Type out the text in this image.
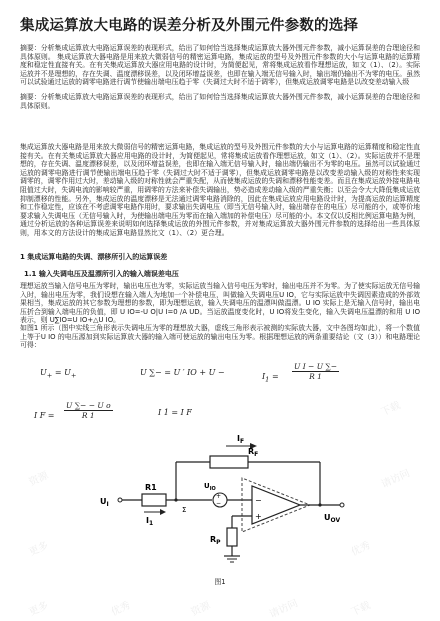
集成运算放大电路的误差分析及外围元件参数的选择
摘要：分析集成运算放大电路运算误差的表现形式，给出了如何恰当选择集成运算放大器外围元件参数，减小运算误差的合理途径和具体原则。 集成运算放大器电路是用来放大微弱信号的精密运算电路，集成运放的型号及外围元件参数的大小与运算电路的运算精度和稳定性直接有关。在有关集成运算放大器应用电路的设计时，为简便起见，常将集成运放看作理想运放，如文（1）、（2）。实际运放并不是理想的，存在失调、温度漂移误差，以及闭环增益误差，也即在输入端无信号输入时，输出端仍输出不为零的电压。虽然可以试验通过运放的调零电路进行调节使输出端电压趋于零（失调过大时不适于调零），但集成运放调零电路是以改变差动输入级
摘要：分析集成运算放大电路运算误差的表现形式，给出了如何恰当选择集成运算放大器外围元件参数，减小运算误差的合理途径和具体原则。
集成运算放大器电路是用来放大微弱信号的精密运算电路，集成运放的型号及外围元件参数的大小与运算电路的运算精度和稳定性直接有关。在有关集成运算放大器应用电路的设计时，为简便起见，常将集成运放看作理想运放，如文（1）、（2）。实际运放并不是理想的，存在失调、温度漂移误差，以及闭环增益误差，也即在输入端无信号输入时，输出端仍输出不为零的电压。虽然可以试验通过运放的调零电路进行调节使输出端电压趋于零（失调过大时不适于调零），但集成运放调零电路是以改变差动输入级的对称性来实现调零的，调零作用过大时，差动输入级的对称性就会严重失配，从而使集成运放的失调和漂移性能变差。而且在集成运放外接电路电阻值过大时，失调电流的影响较严重，用调零的方法来补偿失调输出，势必造成差动输入级的严重失衡；以至会令大大降低集成运放抑制漂移的性能。另外，集成运放的温度漂移是无法通过调零电路消除的，因此在集成运放应用电路设计时，为提高运放的运算精度和工作稳定性，应该在不考虑调零电路作用时，要求输出失调电压（即当无信号输入时，输出端存在的电压）尽可能的小，或等价地要求输入失调电压（无信号输入时，为使输出端电压为零而在输入端加的补偿电压）尽可能的小。本文仅以反相比例运算电路为例，通过分析运放的各种运算误差来说明如何选择集成运放的外围元件参数，并对集成运算放大器外围元件参数的选择给出一些具体原则，用本文的方法设计的集成运算电路显然比文（1）、（2）更合理。
1 集成运算电路的失调、漂移所引入的运算误差
1.1 输入失调电压及温漂所引入的输入端误差电压
理想运放当输入信号电压为零时，输出电压也为零，实际运放当输入信号电压为零时，输出电压并不为零。为了使实际运放无信号输入时，输出电压为零，我们设想在输入端人为地加一个补偿电压，叫做输入失调电压U IO，它与实际运放中失调因素造成的外部效果相当，集成运放的其它参数为理想的参数，即为理想运放，输入失调电压的温漂叫做温漂。U IO 实际上是无输入信号时，输出电压折合到输入端电压的负值，即 U IO=-U O|U I=0 /A UD。当运放温度变化时，U IO将发生变化，输入失调电压温漂的和用 U IO表示，则 U∑IO=U IO+△U IO。
如图1 所示（图中实线三角形表示失调电压为零的理想放大器，虚线三角形表示被测的实际放大器，文中各图均如此），将一个数值上等于U IO 的电压源加到实际运算放大器的输入端可使运放的输出电压为零。根据理想运放的两条重要结论（文（3））和电路理论可得：
$U_+ = U_+$	U ∑− = U ′ IO + U −	$I_1 = \frac{\text{U I − U ∑−}}{R 1}$
I $F = \frac{\text{U ∑− − U o}}{R 1}$	I 1 = I F
$I_F$
$R_F$
$U_I$
R1
$I_1$
Σ
+
−
$U_{IO}$
−
+	$U_{OV}$
$R_P$
图1
更多	优秀	资源	请访问	下载
更多	优秀
资源	请访问
下载
